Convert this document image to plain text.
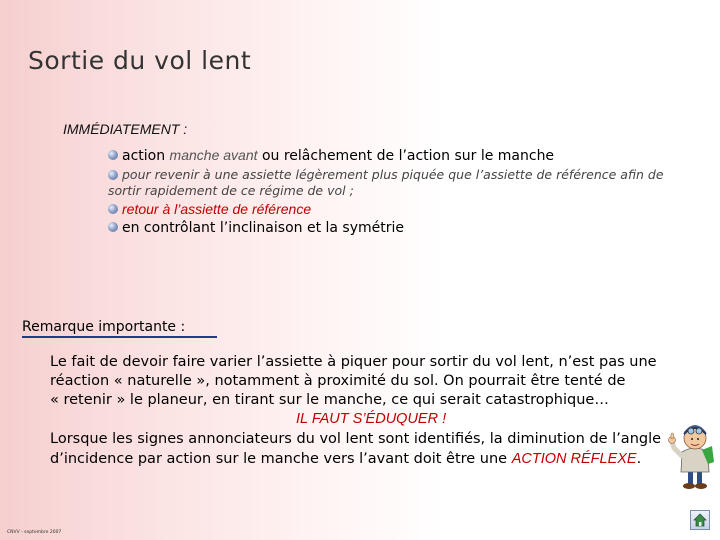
Sortie du vol lent
IMMÉDIATEMENT :
action manche avant ou relâchement de l’action sur le manche
pour revenir à une assiette légèrement plus piquée que l’assiette de référence afin de
sortir rapidement de ce régime de vol ;
retour à l’assiette de référence
en contrôlant l’inclinaison et la symétrie
Remarque importante :
Le fait de devoir faire varier l’assiette à piquer pour sortir du vol lent, n’est pas une
réaction « naturelle », notamment à proximité du sol. On pourrait être tenté de
« retenir » le planeur, en tirant sur le manche, ce qui serait catastrophique…
IL FAUT S’ÉDUQUER !
Lorsque les signes annonciateurs du vol lent sont identifiés, la diminution de l’angle
d’incidence par action sur le manche vers l’avant doit être une ACTION RÉFLEXE.
CNVV - septembre 2007
